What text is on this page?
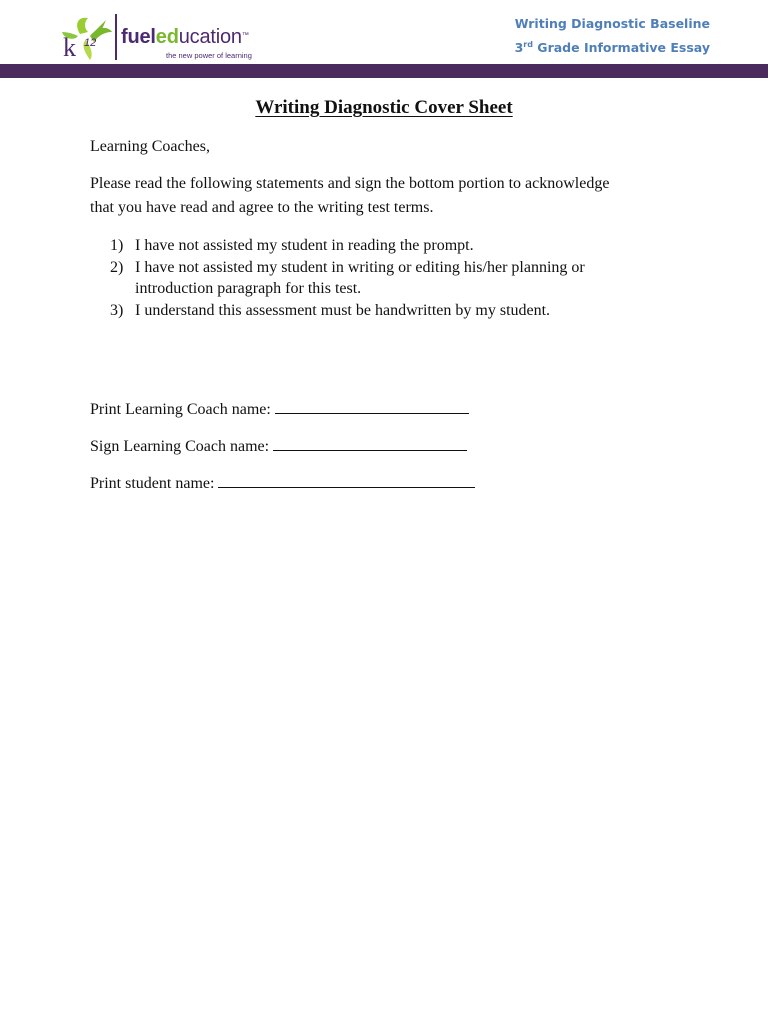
k 12 fueleducation™
the new power of learning
Writing Diagnostic Baseline
3rd Grade Informative Essay
Writing Diagnostic Cover Sheet
Learning Coaches,
Please read the following statements and sign the bottom portion to acknowledge
that you have read and agree to the writing test terms.
1) I have not assisted my student in reading the prompt.
2) I have not assisted my student in writing or editing his/her planning or
introduction paragraph for this test.
3) I understand this assessment must be handwritten by my student.
Print Learning Coach name:
Sign Learning Coach name:
Print student name:
